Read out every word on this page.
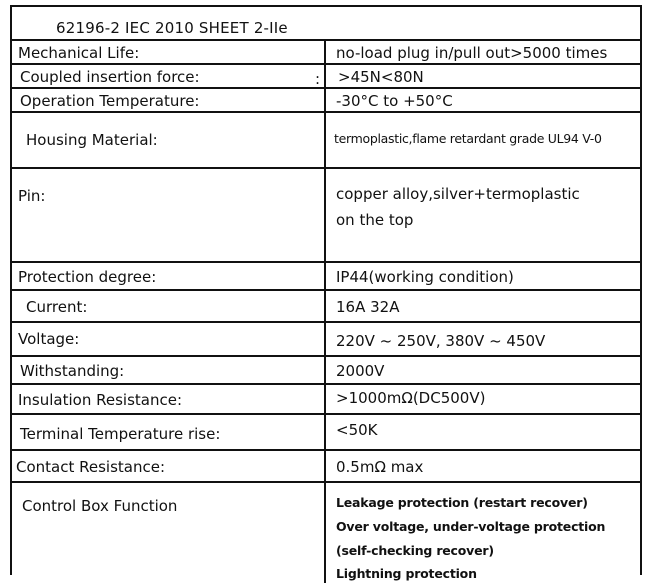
62196-2 IEC 2010 SHEET 2-IIe
Mechanical Life:	no-load plug in/pull out>5000 times
Coupled insertion force:	: >45N<80N
Operation Temperature:	-30°C to +50°C
Housing Material:	termoplastic,flame retardant grade UL94 V-0
Pin:	copper alloy,silver+termoplastic
on the top
Protection degree:	IP44(working condition)
Current:	16A 32A
Voltage:	220V ~ 250V, 380V ~ 450V
Withstanding:	2000V
Insulation Resistance:	>1000mΩ(DC500V)
Terminal Temperature rise:	<50K
Contact Resistance:	0.5mΩ max
Control Box Function	Leakage protection (restart recover)
Over voltage, under-voltage protection
(self-checking recover)
Lightning protection
